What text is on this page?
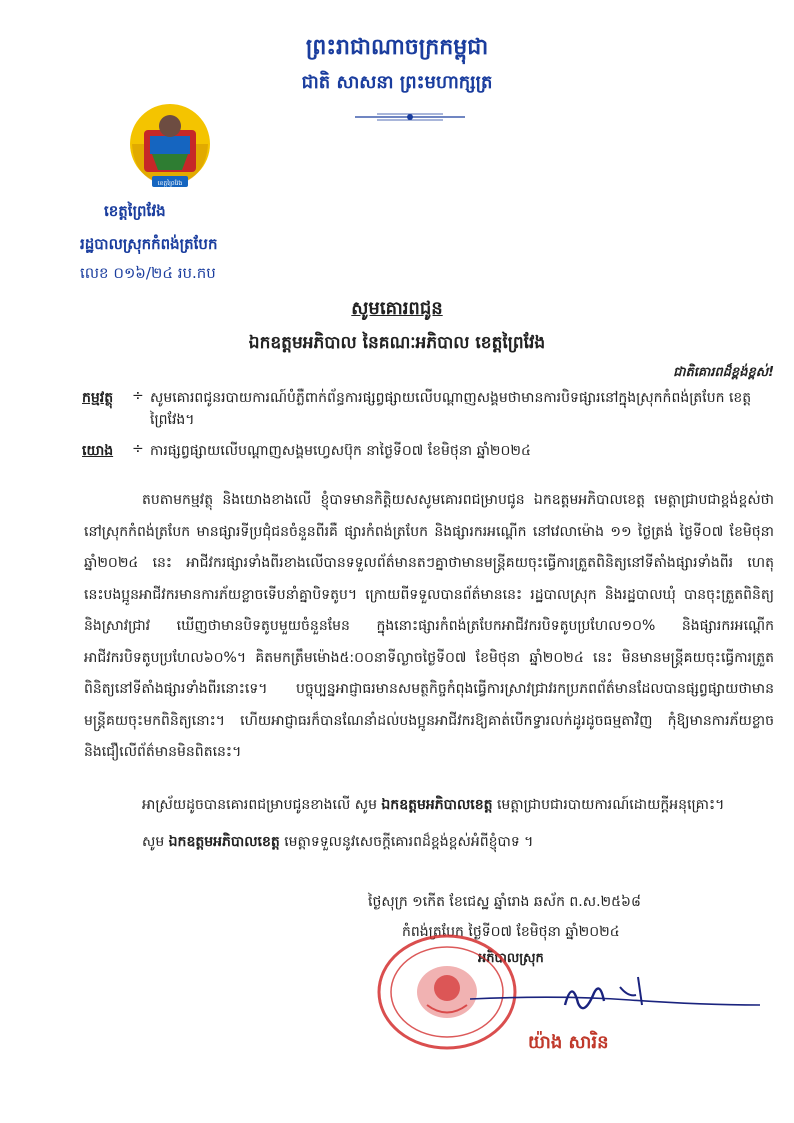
ព្រះរាជាណាចក្រកម្ពុជា
ជាតិ សាសនា ព្រះមហាក្សត្រ
ខេត្តព្រៃវែង
ខេត្តព្រៃវែង
រដ្ឋបាលស្រុកកំពង់ត្របែក
លេខ ០១៦/២៤ រប.កប
សូមគោរពជូន
ឯកឧត្តមអភិបាល នៃគណៈអភិបាល ខេត្តព្រៃវែង
ជាតិគោរពដ៏ខ្ពង់ខ្ពស់!
កម្មវត្ថុ	÷ សូមគោរពជូនរបាយការណ៍បំភ្លឺពាក់ព័ន្ធការផ្សព្វផ្សាយលើបណ្ដាញសង្គមថាមានការបិទផ្សារនៅក្នុងស្រុកកំពង់ត្របែក ខេត្តព្រៃវែង។
យោង	÷ ការផ្សព្វផ្សាយលើបណ្ដាញសង្គមហ្វេសប៊ុក នាថ្ងៃទី០៧ ខែមិថុនា ឆ្នាំ២០២៤
តបតាមកម្មវត្ថុ និងយោងខាងលើ ខ្ញុំបាទមានកិត្តិយសសូមគោរពជម្រាបជូន ឯកឧត្តមអភិបាលខេត្ត មេត្តាជ្រាបជាខ្ពង់ខ្ពស់ថា នៅស្រុកកំពង់ត្របែក មានផ្សារទីប្រជុំជនចំនួនពីរគឺ ផ្សារកំពង់ត្របែក និងផ្សារករអណ្ដើក នៅវេលាម៉ោង ១១ ថ្ងៃត្រង់ ថ្ងៃទី០៧ ខែមិថុនា ឆ្នាំ២០២៤ នេះ អាជីវករផ្សារទាំងពីរខាងលើបានទទួលព័ត៌មានតៗគ្នាថាមានមន្ត្រីគយចុះធ្វើការត្រួតពិនិត្យនៅទីតាំងផ្សារទាំងពីរ ហេតុនេះបងប្អូនអាជីវករមានការភ័យខ្លាចទើបនាំគ្នាបិទតូប។ ក្រោយពីទទួលបានព័ត៌មាននេះ រដ្ឋបាលស្រុក និងរដ្ឋបាលឃុំ បានចុះត្រួតពិនិត្យ និងស្រាវជ្រាវ ឃើញថាមានបិទតូបមួយចំនួនមែន ក្នុងនោះផ្សារកំពង់ត្របែកអាជីវករបិទតូបប្រហែល១០% និងផ្សារករអណ្ដើកអាជីវករបិទតូបប្រហែល៦០%។ គិតមកត្រឹមម៉ោង៥:០០នាទីល្ងាចថ្ងៃទី០៧ ខែមិថុនា ឆ្នាំ២០២៤ នេះ មិនមានមន្ត្រីគយចុះធ្វើការត្រួតពិនិត្យនៅទីតាំងផ្សារទាំងពីរនោះទេ។ បច្ចុប្បន្នអាជ្ញាធរមានសមត្ថកិច្ចកំពុងធ្វើការស្រាវជ្រាវរកប្រភពព័ត៌មានដែលបានផ្សព្វផ្សាយថាមានមន្ត្រីគយចុះមកពិនិត្យនោះ។ ហើយអាជ្ញាធរក៏បានណែនាំដល់បងប្អូនអាជីវករឱ្យគាត់បើកទ្វារលក់ដូរដូចធម្មតាវិញ កុំឱ្យមានការភ័យខ្លាច និងជឿលើព័ត៌មានមិនពិតនេះ។
អាស្រ័យដូចបានគោរពជម្រាបជូនខាងលើ សូម ឯកឧត្តមអភិបាលខេត្ត មេត្តាជ្រាបជារបាយការណ៍ដោយក្ដីអនុគ្រោះ។
សូម ឯកឧត្តមអភិបាលខេត្ត មេត្តាទទួលនូវសេចក្ដីគោរពដ៏ខ្ពង់ខ្ពស់អំពីខ្ញុំបាទ ។
ថ្ងៃសុក្រ ១កើត ខែជេស្ឋ ឆ្នាំរោង ឆស័ក ព.ស.២៥៦៨
កំពង់ត្របែក ថ្ងៃទី០៧ ខែមិថុនា ឆ្នាំ២០២៤
អភិបាលស្រុក
យ៉ាង សារិន
